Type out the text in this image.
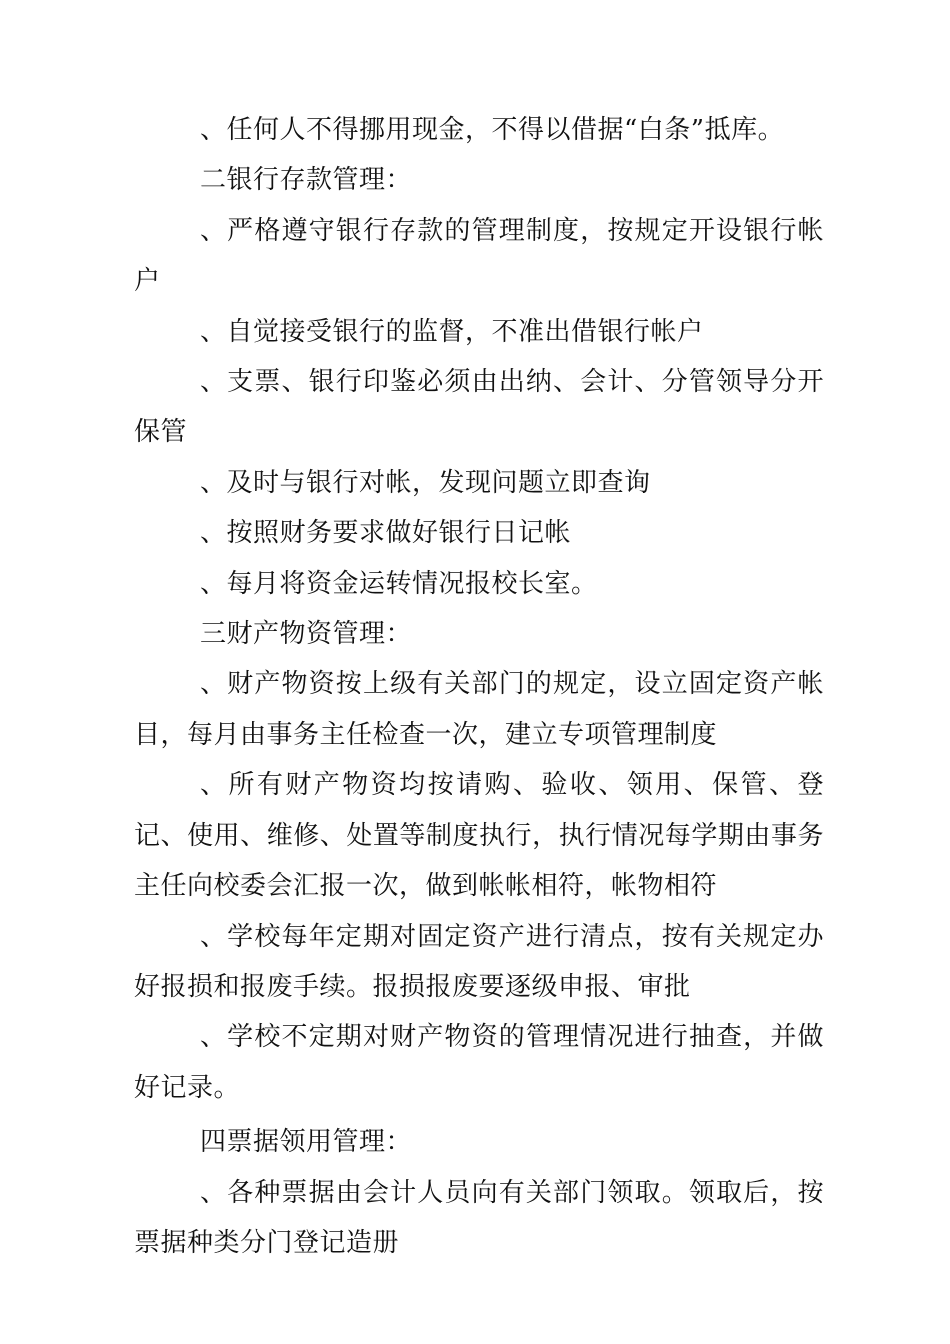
、任何人不得挪用现金，不得以借据“白条”抵库。

二银行存款管理：

、严格遵守银行存款的管理制度，按规定开设银行帐户

、自觉接受银行的监督，不准出借银行帐户

、支票、银行印鉴必须由出纳、会计、分管领导分开保管

、及时与银行对帐，发现问题立即查询

、按照财务要求做好银行日记帐

、每月将资金运转情况报校长室。

三财产物资管理：

、财产物资按上级有关部门的规定，设立固定资产帐目，每月由事务主任检查一次，建立专项管理制度

、所有财产物资均按请购、验收、领用、保管、登记、使用、维修、处置等制度执行，执行情况每学期由事务主任向校委会汇报一次，做到帐帐相符，帐物相符

、学校每年定期对固定资产进行清点，按有关规定办好报损和报废手续。报损报废要逐级申报、审批

、学校不定期对财产物资的管理情况进行抽查，并做好记录。

四票据领用管理：

、各种票据由会计人员向有关部门领取。领取后，按票据种类分门登记造册
